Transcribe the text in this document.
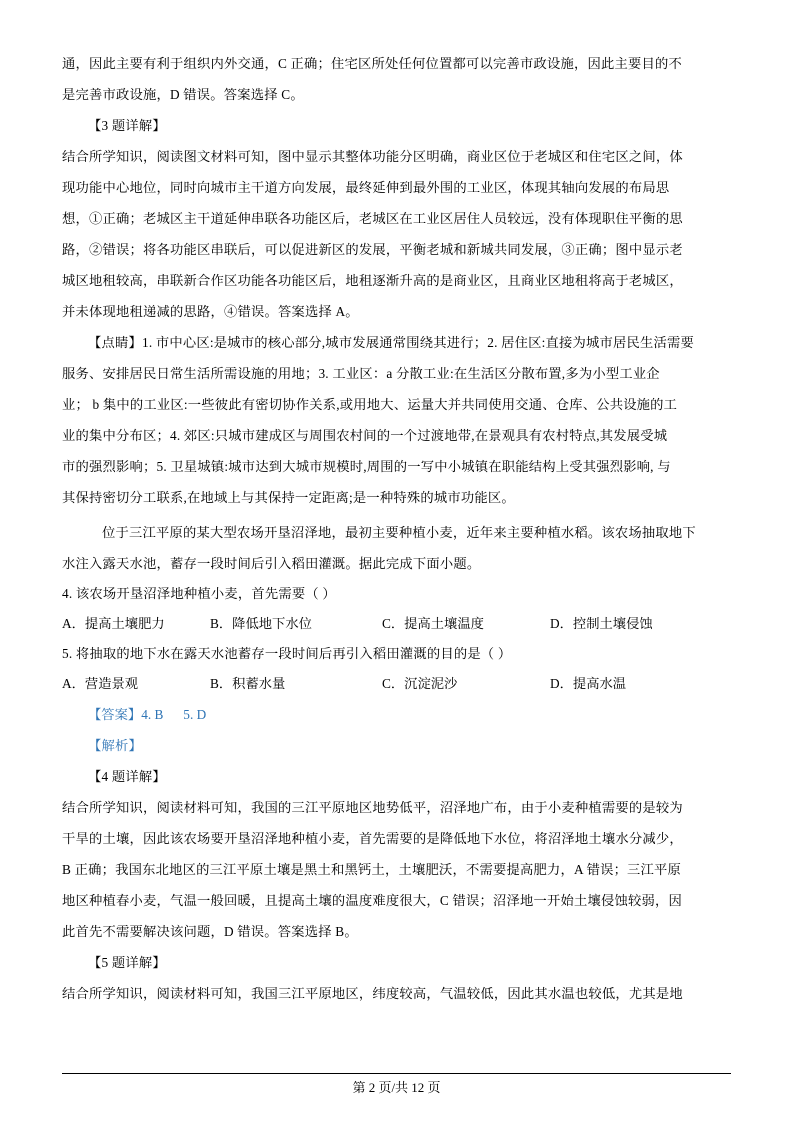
通，因此主要有利于组织内外交通，C 正确；住宅区所处任何位置都可以完善市政设施，因此主要目的不

是完善市政设施，D 错误。答案选择 C。

【3 题详解】

结合所学知识，阅读图文材料可知，图中显示其整体功能分区明确，商业区位于老城区和住宅区之间，体

现功能中心地位，同时向城市主干道方向发展，最终延伸到最外围的工业区，体现其轴向发展的布局思

想，①正确；老城区主干道延伸串联各功能区后，老城区在工业区居住人员较远，没有体现职住平衡的思

路，②错误；将各功能区串联后，可以促进新区的发展，平衡老城和新城共同发展，③正确；图中显示老

城区地租较高，串联新合作区功能各功能区后，地租逐渐升高的是商业区，且商业区地租将高于老城区，

并未体现地租递减的思路，④错误。答案选择 A。

【点睛】1. 市中心区:是城市的核心部分,城市发展通常围绕其进行；2. 居住区:直接为城市居民生活需要

服务、安排居民日常生活所需设施的用地；3. 工业区：a 分散工业:在生活区分散布置,多为小型工业企

业； b 集中的工业区:一些彼此有密切协作关系,或用地大、运量大并共同使用交通、仓库、公共设施的工

业的集中分布区；4. 郊区:只城市建成区与周围农村间的一个过渡地带,在景观具有农村特点,其发展受城

市的强烈影响；5. 卫星城镇:城市达到大城市规模时,周围的一写中小城镇在职能结构上受其强烈影响, 与

其保持密切分工联系,在地域上与其保持一定距离;是一种特殊的城市功能区。

位于三江平原的某大型农场开垦沼泽地，最初主要种植小麦，近年来主要种植水稻。该农场抽取地下

水注入露天水池，蓄存一段时间后引入稻田灌溉。据此完成下面小题。

4. 该农场开垦沼泽地种植小麦，首先需要（ ）

A．提高土壤肥力	B．降低地下水位	C．提高土壤温度	D．控制土壤侵蚀

5. 将抽取的地下水在露天水池蓄存一段时间后再引入稻田灌溉的目的是（ ）

A．营造景观	B．积蓄水量	C．沉淀泥沙	D．提高水温

【答案】4. B      5. D

【解析】

【4 题详解】

结合所学知识，阅读材料可知，我国的三江平原地区地势低平，沼泽地广布，由于小麦种植需要的是较为

干旱的土壤，因此该农场要开垦沼泽地种植小麦，首先需要的是降低地下水位，将沼泽地土壤水分减少，

B 正确；我国东北地区的三江平原土壤是黑土和黑钙土，土壤肥沃，不需要提高肥力，A 错误；三江平原

地区种植春小麦，气温一般回暖，且提高土壤的温度难度很大，C 错误；沼泽地一开始土壤侵蚀较弱，因

此首先不需要解决该问题，D 错误。答案选择 B。

【5 题详解】

结合所学知识，阅读材料可知，我国三江平原地区，纬度较高，气温较低，因此其水温也较低，尤其是地

第 2 页/共 12 页
